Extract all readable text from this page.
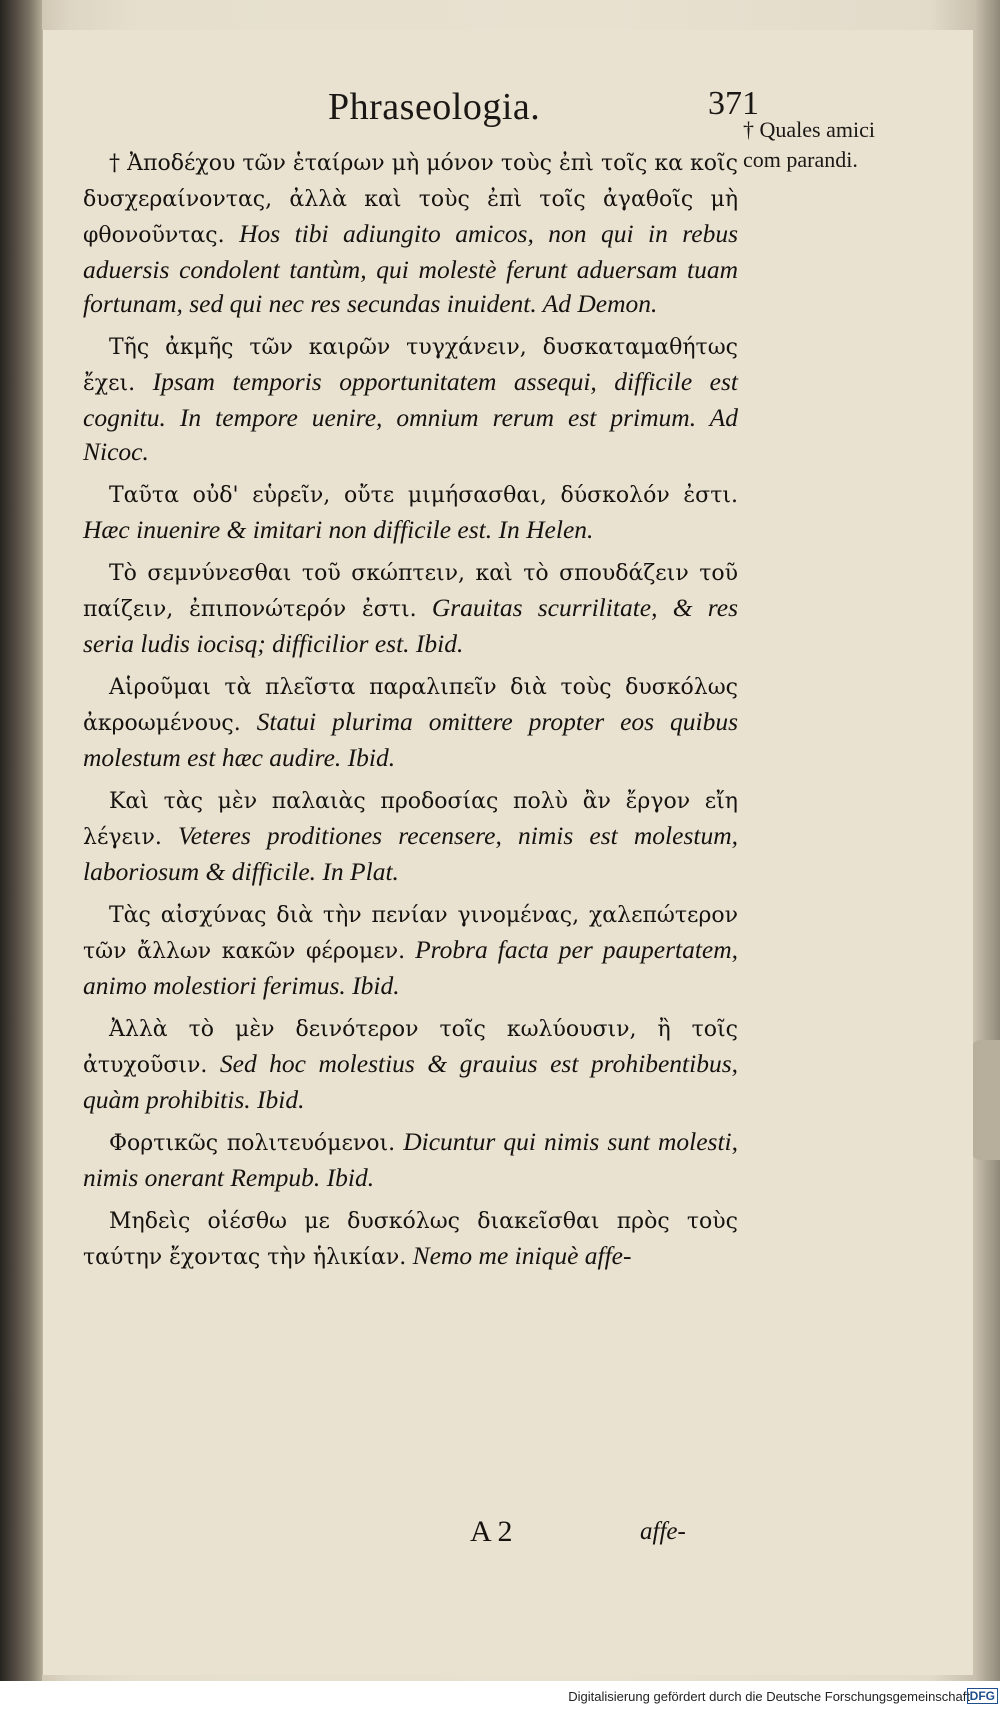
Phraseologia.	371
† Quales amici com parandi.

† Ἀποδέχου τῶν ἑταίρων μὴ μόνον τοὺς ἐπὶ τοῖς κα κοῖς δυσχεραίνοντας, ἀλλὰ καὶ τοὺς ἐπὶ τοῖς ἀγαθοῖς μὴ φθονοῦντας. Hos tibi adiungito amicos, non qui in rebus aduersis condolent tantùm, qui molestè ferunt aduersam tuam fortunam, sed qui nec res secundas inuident. Ad Demon.

Τῆς ἀκμῆς τῶν καιρῶν τυγχάνειν, δυσκαταμαθήτως ἔχει. Ipsam temporis opportunitatem assequi, difficile est cognitu. In tempore uenire, omnium rerum est primum. Ad Nicoc.

Ταῦτα οὐδ' εὑρεῖν, οὔτε μιμήσασθαι, δύσκολόν ἐστι. Hæc inuenire & imitari non difficile est. In Helen.

Τὸ σεμνύνεσθαι τοῦ σκώπτειν, καὶ τὸ σπουδάζειν τοῦ παίζειν, ἐπιπονώτερόν ἐστι. Grauitas scurrilitate, & res seria ludis iocisq; difficilior est. Ibid.

Αἱροῦμαι τὰ πλεῖστα παραλιπεῖν διὰ τοὺς δυσκόλως ἀκροωμένους. Statui plurima omittere propter eos quibus molestum est hæc audire. Ibid.

Καὶ τὰς μὲν παλαιὰς προδοσίας πολὺ ἂν ἔργον εἴη λέγειν. Veteres proditiones recensere, nimis est molestum, laboriosum & difficile. In Plat.

Τὰς αἰσχύνας διὰ τὴν πενίαν γινομένας, χαλεπώτερον τῶν ἄλλων κακῶν φέρομεν. Probra facta per paupertatem, animo molestiori ferimus. Ibid.

Ἀλλὰ τὸ μὲν δεινότερον τοῖς κωλύουσιν, ἢ τοῖς ἀτυχοῦσιν. Sed hoc molestius & grauius est prohibentibus, quàm prohibitis. Ibid.

Φορτικῶς πολιτευόμενοι. Dicuntur qui nimis sunt molesti, nimis onerant Rempub. Ibid.

Μηδεὶς οἰέσθω με δυσκόλως διακεῖσθαι πρὸς τοὺς ταύτην ἔχοντας τὴν ἡλικίαν. Nemo me iniquè affe-

A 2	affe-
Digitalisierung gefördert durch die Deutsche Forschungsgemeinschaft DFG
